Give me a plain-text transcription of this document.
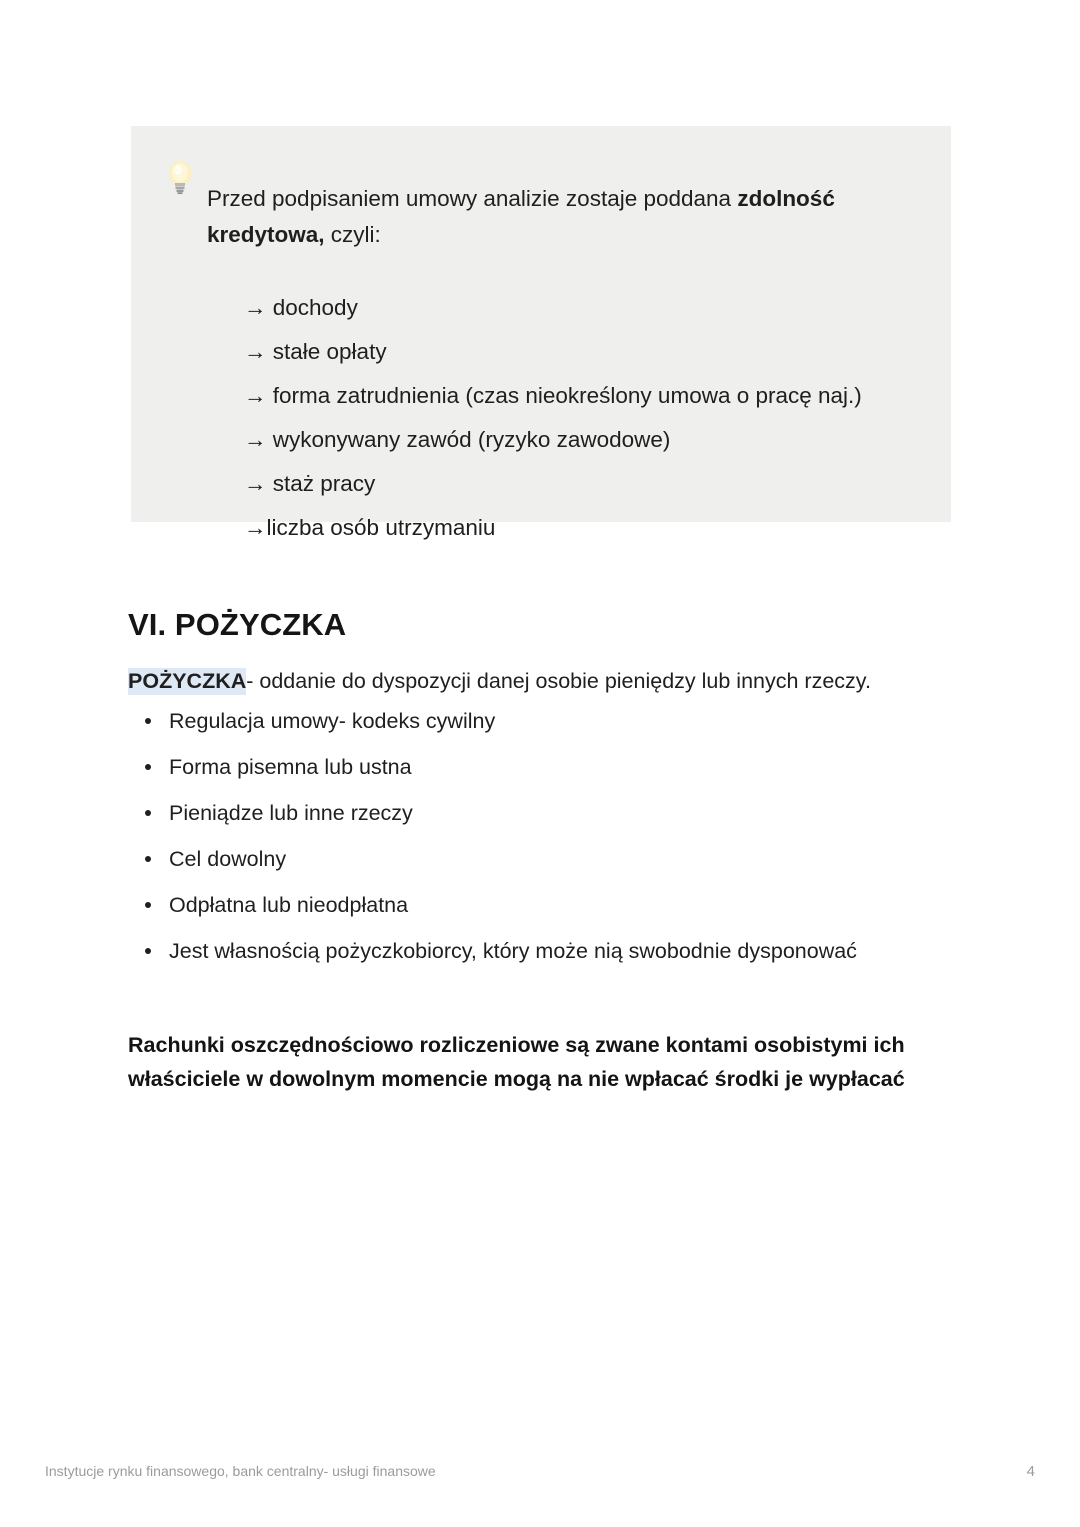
Przed podpisaniem umowy analizie zostaje poddana zdolność kredytowa, czyli:

→ dochody
→ stałe opłaty
→ forma zatrudnienia (czas nieokreślony umowa o pracę naj.)
→ wykonywany zawód (ryzyko zawodowe)
→ staż pracy
→liczba osób utrzymaniu
VI. POŻYCZKA

POŻYCZKA- oddanie do dyspozycji danej osobie pieniędzy lub innych rzeczy.

Regulacja umowy- kodeks cywilny
Forma pisemna lub ustna
Pieniądze lub inne rzeczy
Cel dowolny
Odpłatna lub nieodpłatna
Jest własnością pożyczkobiorcy, który może nią swobodnie dysponować

Rachunki oszczędnościowo rozliczeniowe są zwane kontami osobistymi ich właściciele w dowolnym momencie mogą na nie wpłacać środki je wypłacać

Instytucje rynku finansowego, bank centralny- usługi finansowe	4
